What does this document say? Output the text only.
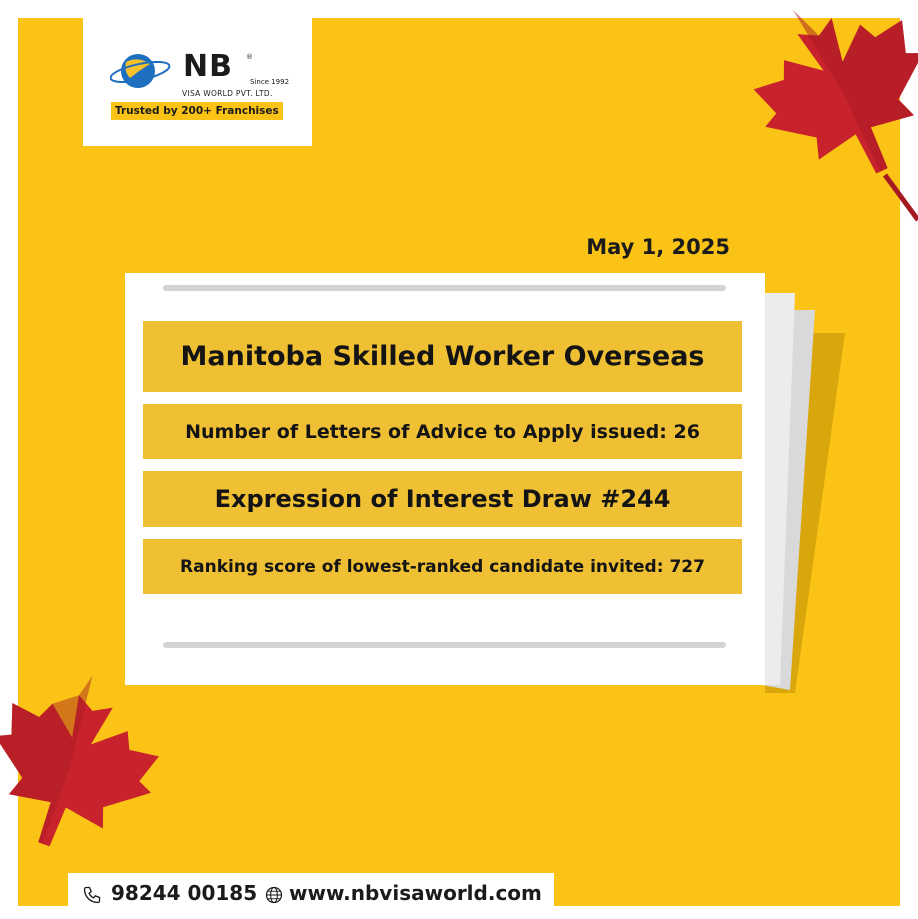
NB ®
Since 1992
VISA WORLD PVT. LTD.
Trusted by 200+ Franchises
May 1, 2025
Manitoba Skilled Worker Overseas
Number of Letters of Advice to Apply issued: 26
Expression of Interest Draw #244
Ranking score of lowest-ranked candidate invited: 727
98244 00185 www.nbvisaworld.com
